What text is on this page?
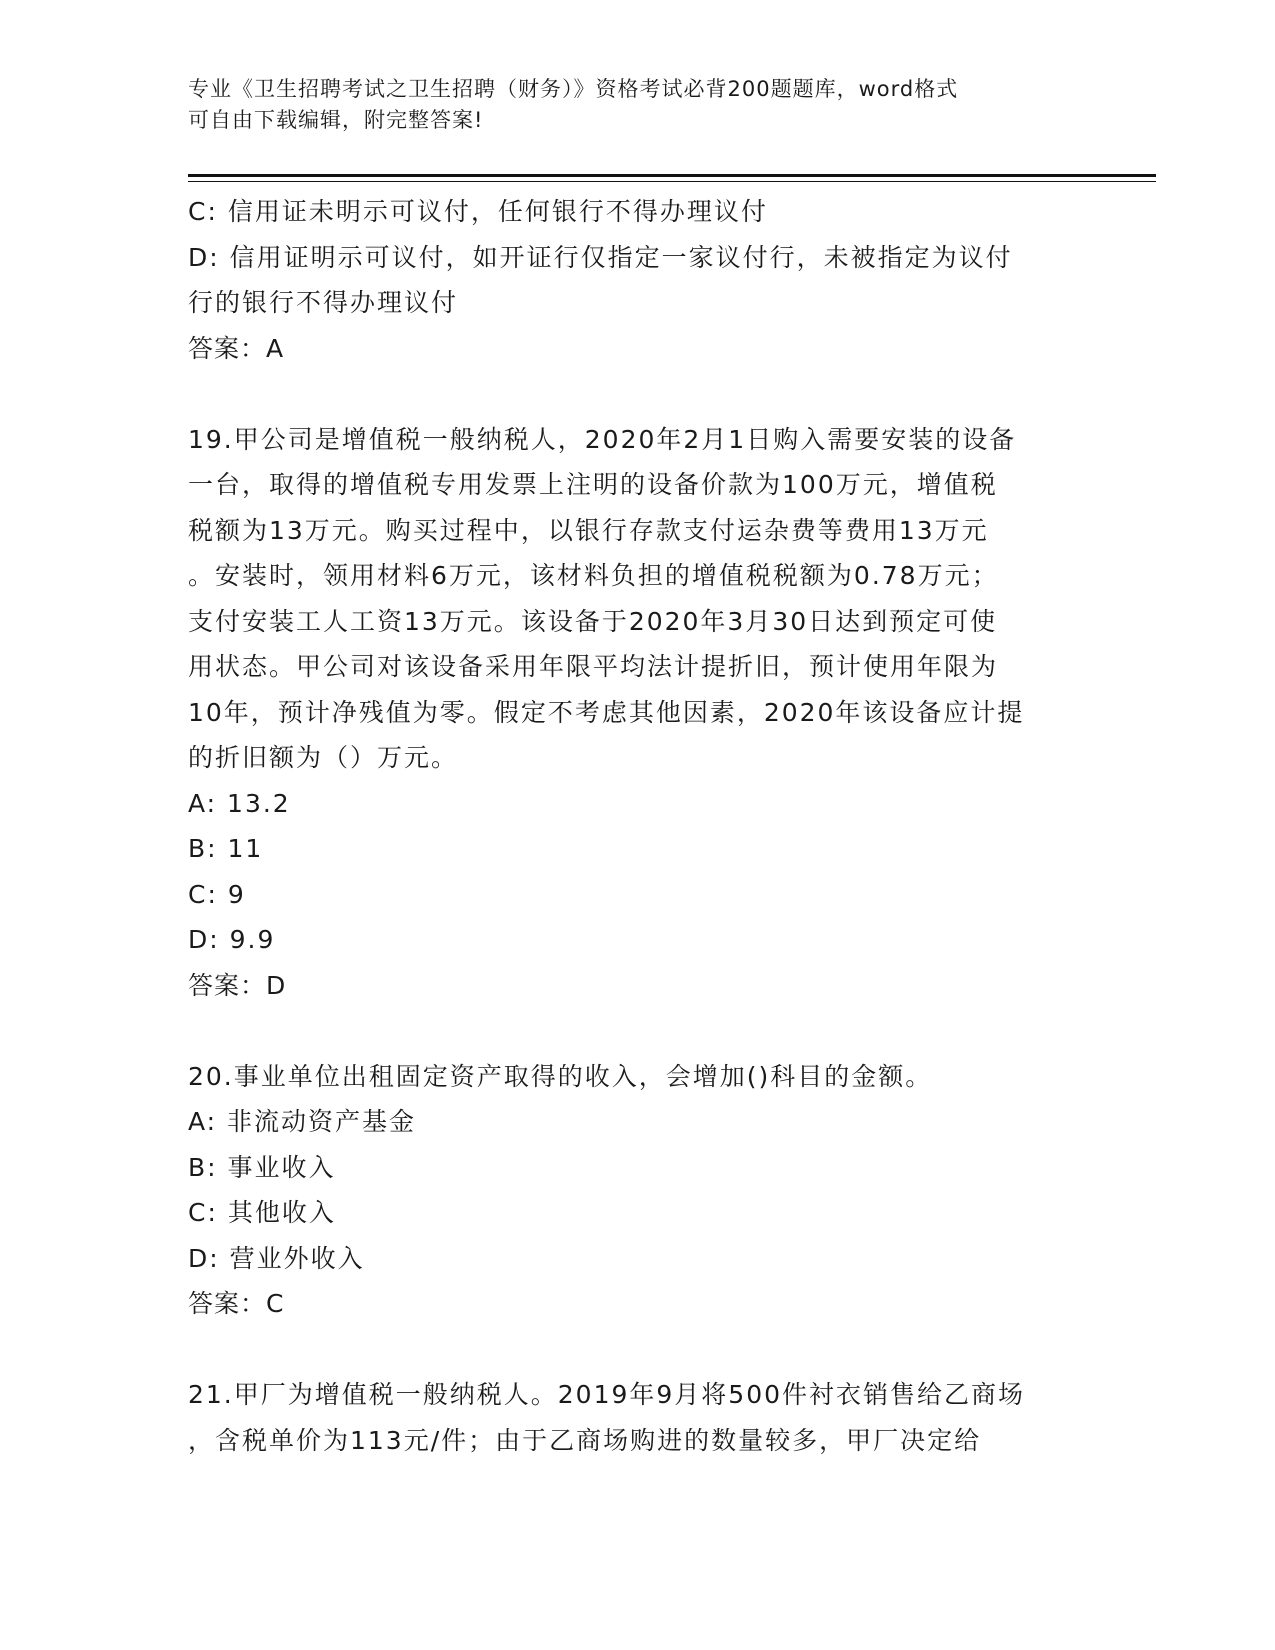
专业《卫生招聘考试之卫生招聘（财务）》资格考试必背200题题库，word格式
可自由下载编辑，附完整答案!
C: 信用证未明示可议付，任何银行不得办理议付
D: 信用证明示可议付，如开证行仅指定一家议付行，未被指定为议付
行的银行不得办理议付
答案：A
19.甲公司是增值税一般纳税人，2020年2月1日购入需要安装的设备
一台，取得的增值税专用发票上注明的设备价款为100万元，增值税
税额为13万元。购买过程中，以银行存款支付运杂费等费用13万元
。安装时，领用材料6万元，该材料负担的增值税税额为0.78万元；
支付安装工人工资13万元。该设备于2020年3月30日达到预定可使
用状态。甲公司对该设备采用年限平均法计提折旧，预计使用年限为
10年，预计净残值为零。假定不考虑其他因素，2020年该设备应计提
的折旧额为（）万元。
A: 13.2
B: 11
C: 9
D: 9.9
答案：D
20.事业单位出租固定资产取得的收入，会增加()科目的金额。
A: 非流动资产基金
B: 事业收入
C: 其他收入
D: 营业外收入
答案：C
21.甲厂为增值税一般纳税人。2019年9月将500件衬衣销售给乙商场
，含税单价为113元/件；由于乙商场购进的数量较多，甲厂决定给
